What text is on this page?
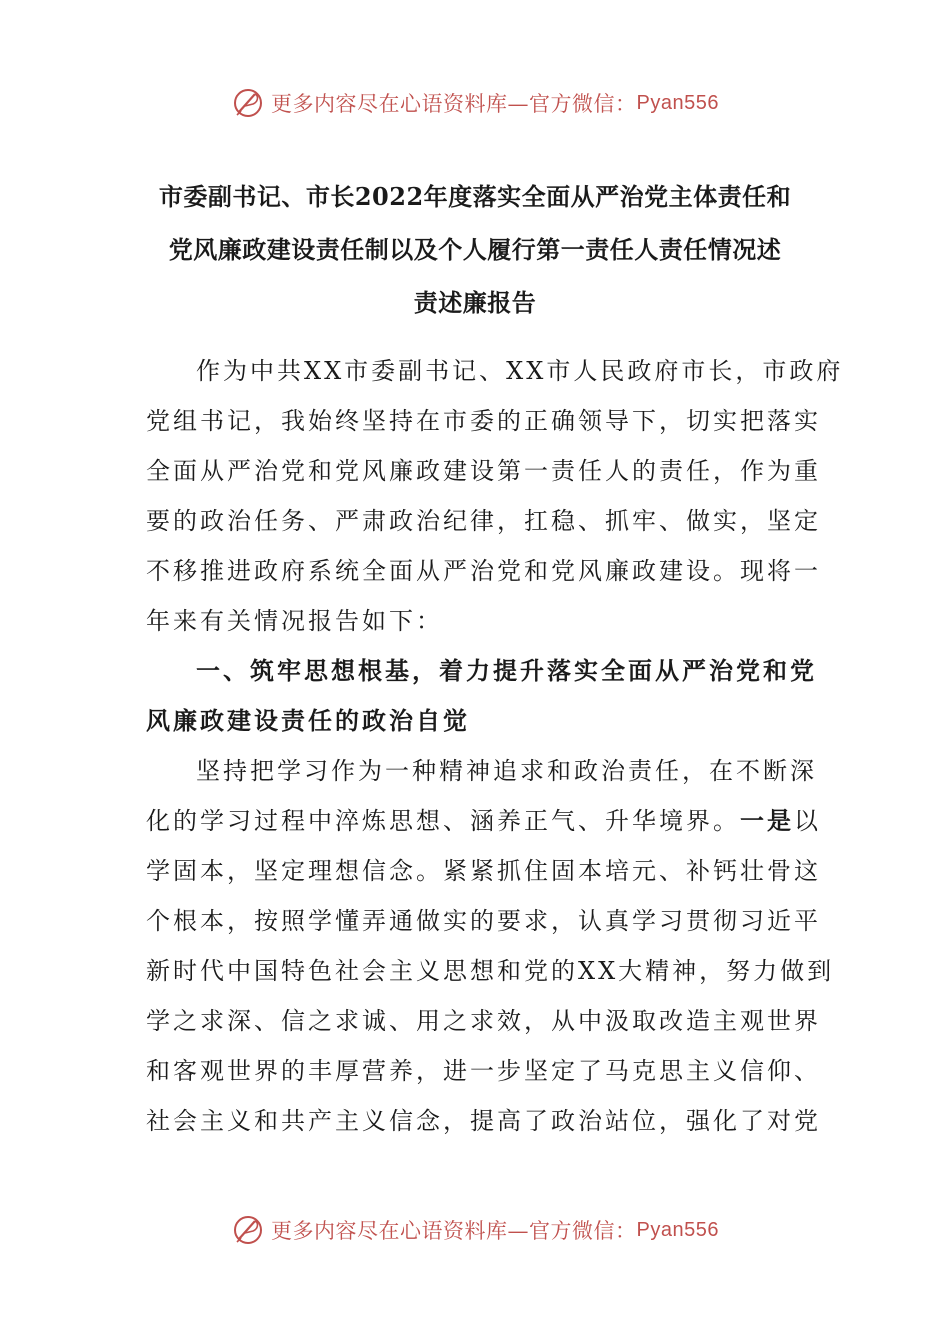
更多内容尽在心语资料库—官方微信： Pyan556
市委副书记、市长2022年度落实全面从严治党主体责任和
党风廉政建设责任制以及个人履行第一责任人责任情况述
责述廉报告
作为中共XX市委副书记、XX市人民政府市长，市政府
党组书记，我始终坚持在市委的正确领导下，切实把落实
全面从严治党和党风廉政建设第一责任人的责任，作为重
要的政治任务、严肃政治纪律，扛稳、抓牢、做实，坚定
不移推进政府系统全面从严治党和党风廉政建设。现将一
年来有关情况报告如下：
一、筑牢思想根基，着力提升落实全面从严治党和党
风廉政建设责任的政治自觉
坚持把学习作为一种精神追求和政治责任，在不断深
化的学习过程中淬炼思想、涵养正气、升华境界。一是以
学固本，坚定理想信念。紧紧抓住固本培元、补钙壮骨这
个根本，按照学懂弄通做实的要求，认真学习贯彻习近平
新时代中国特色社会主义思想和党的XX大精神，努力做到
学之求深、信之求诚、用之求效，从中汲取改造主观世界
和客观世界的丰厚营养，进一步坚定了马克思主义信仰、
社会主义和共产主义信念，提高了政治站位，强化了对党
更多内容尽在心语资料库—官方微信： Pyan556
